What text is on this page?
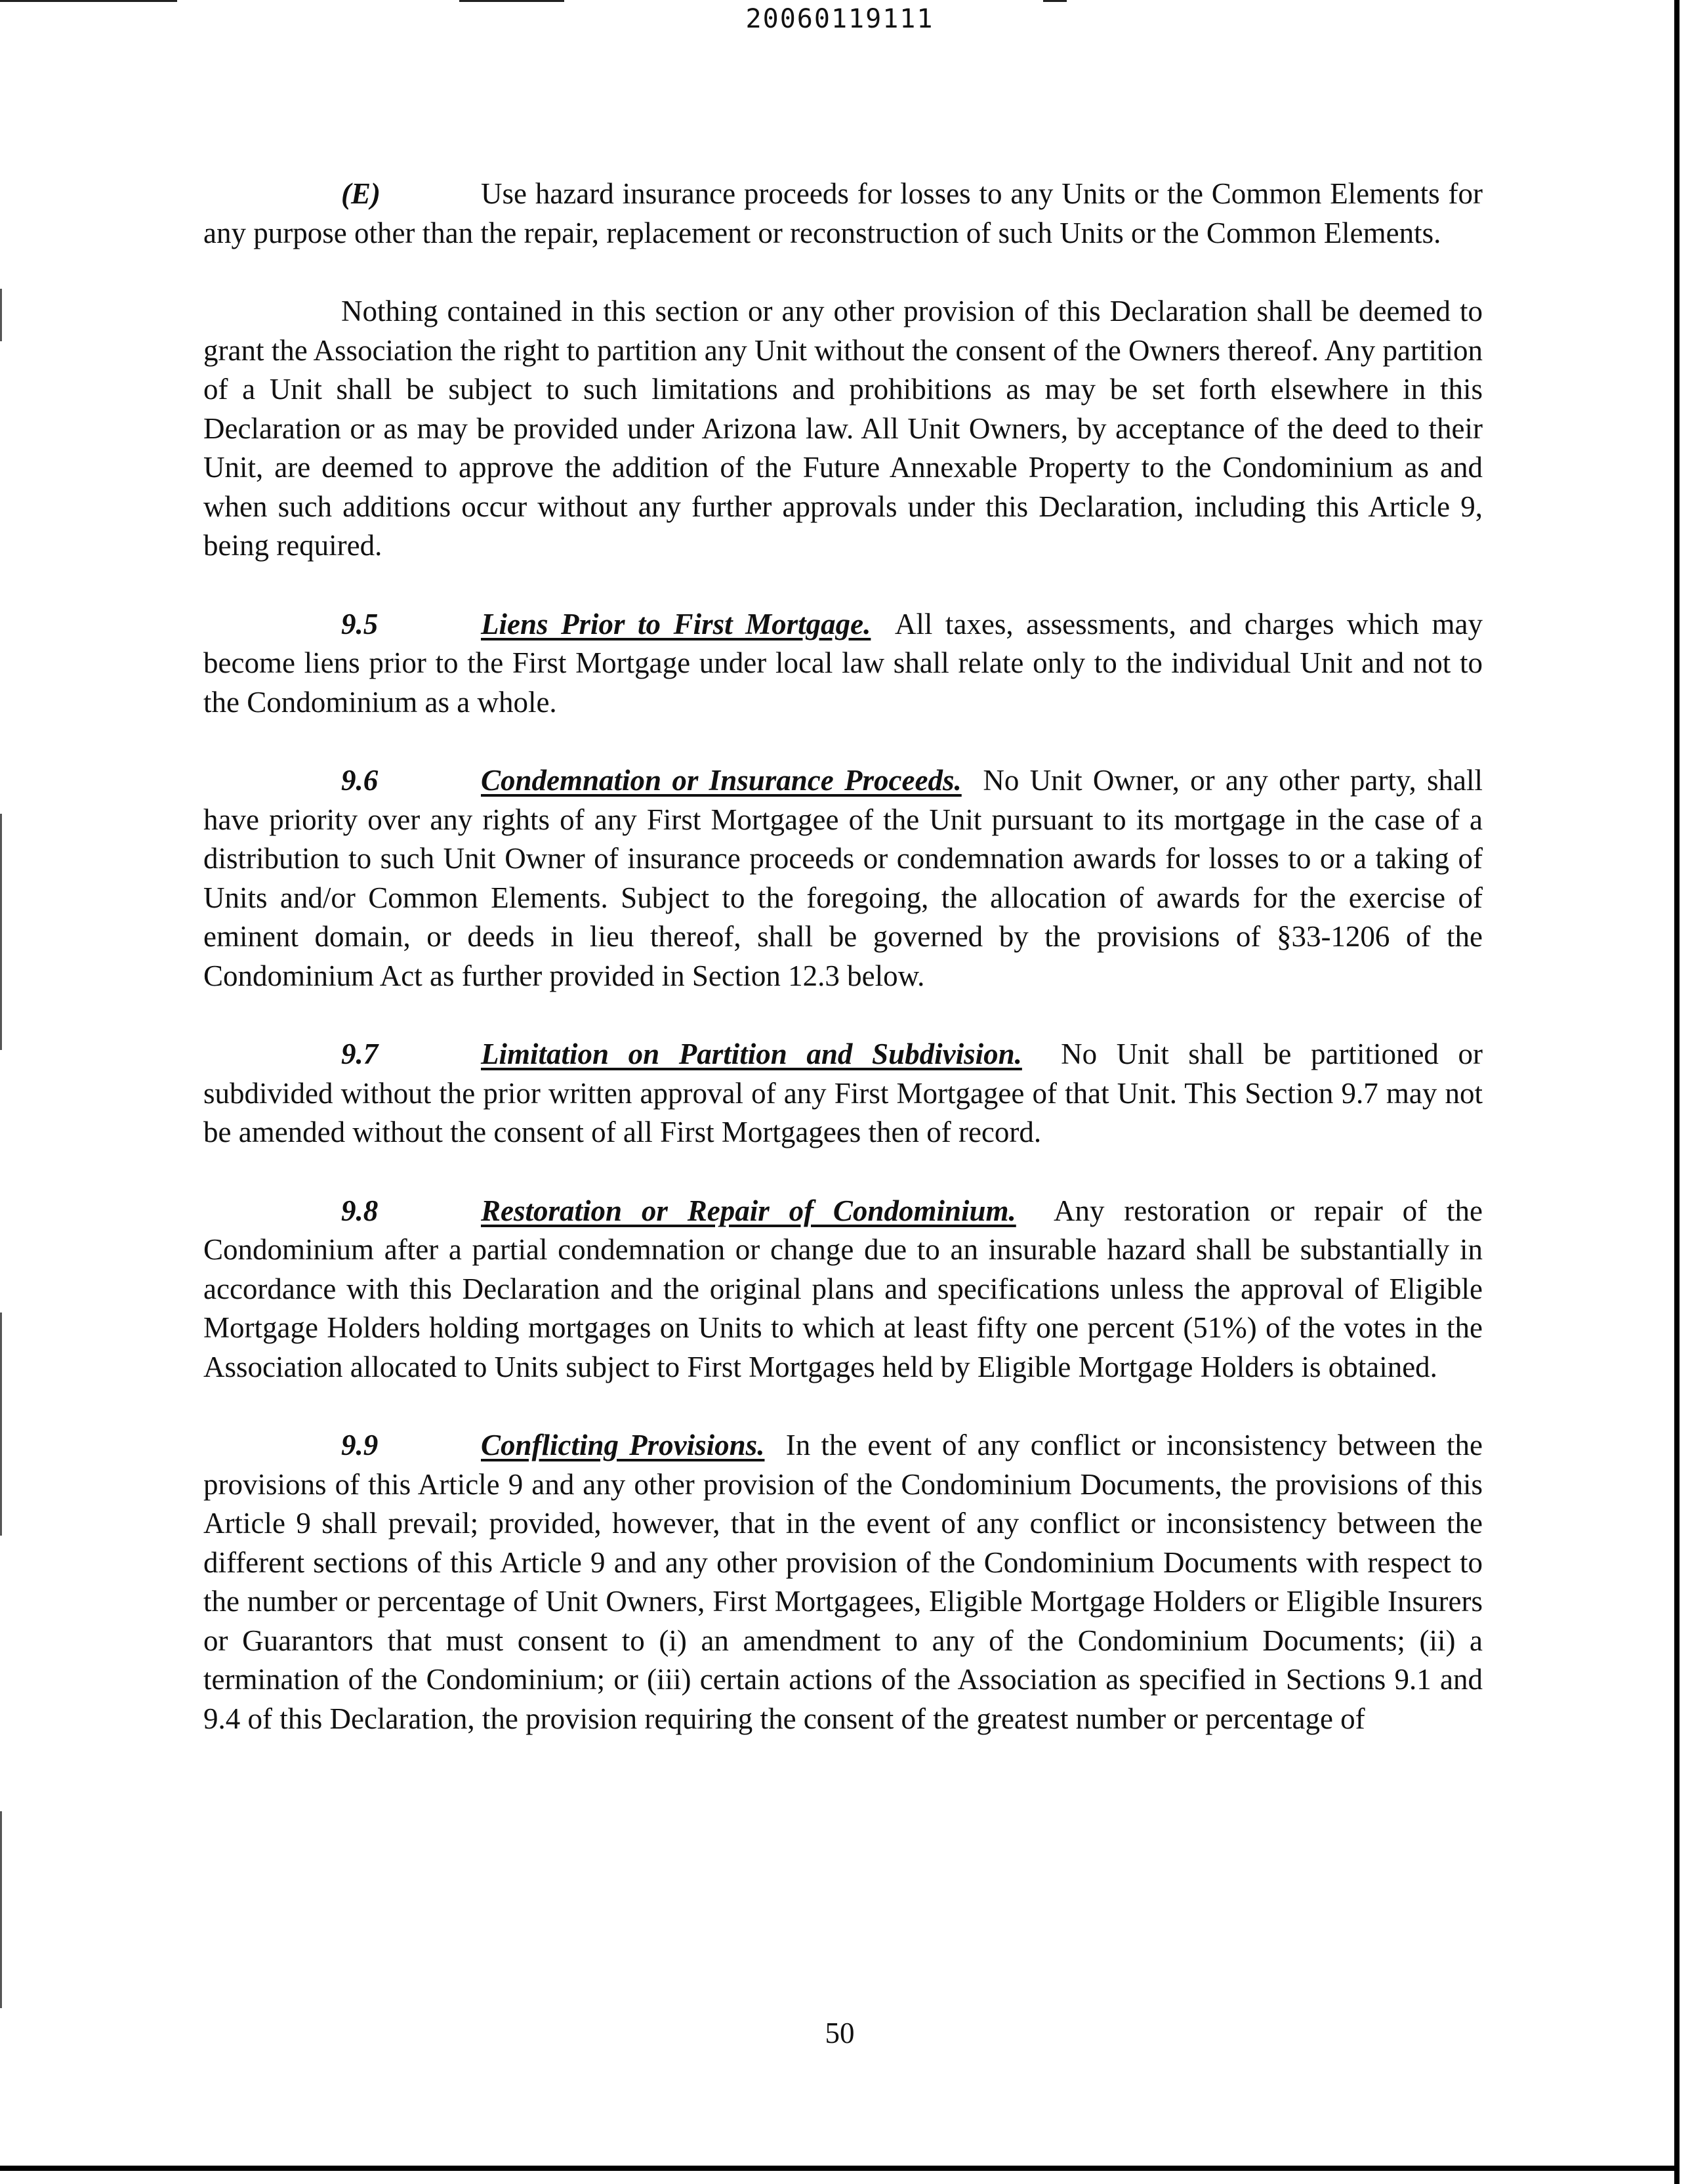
20060119111

(E)	Use hazard insurance proceeds for losses to any Units or the Common Elements for any purpose other than the repair, replacement or reconstruction of such Units or the Common Elements.

Nothing contained in this section or any other provision of this Declaration shall be deemed to grant the Association the right to partition any Unit without the consent of the Owners thereof. Any partition of a Unit shall be subject to such limitations and prohibitions as may be set forth elsewhere in this Declaration or as may be provided under Arizona law. All Unit Owners, by acceptance of the deed to their Unit, are deemed to approve the addition of the Future Annexable Property to the Condominium as and when such additions occur without any further approvals under this Declaration, including this Article 9, being required.

9.5	Liens Prior to First Mortgage. All taxes, assessments, and charges which may become liens prior to the First Mortgage under local law shall relate only to the individual Unit and not to the Condominium as a whole.

9.6	Condemnation or Insurance Proceeds. No Unit Owner, or any other party, shall have priority over any rights of any First Mortgagee of the Unit pursuant to its mortgage in the case of a distribution to such Unit Owner of insurance proceeds or condemnation awards for losses to or a taking of Units and/or Common Elements. Subject to the foregoing, the allocation of awards for the exercise of eminent domain, or deeds in lieu thereof, shall be governed by the provisions of §33-1206 of the Condominium Act as further provided in Section 12.3 below.

9.7	Limitation on Partition and Subdivision. No Unit shall be partitioned or subdivided without the prior written approval of any First Mortgagee of that Unit. This Section 9.7 may not be amended without the consent of all First Mortgagees then of record.

9.8	Restoration or Repair of Condominium. Any restoration or repair of the Condominium after a partial condemnation or change due to an insurable hazard shall be substantially in accordance with this Declaration and the original plans and specifications unless the approval of Eligible Mortgage Holders holding mortgages on Units to which at least fifty one percent (51%) of the votes in the Association allocated to Units subject to First Mortgages held by Eligible Mortgage Holders is obtained.

9.9	Conflicting Provisions. In the event of any conflict or inconsistency between the provisions of this Article 9 and any other provision of the Condominium Documents, the provisions of this Article 9 shall prevail; provided, however, that in the event of any conflict or inconsistency between the different sections of this Article 9 and any other provision of the Condominium Documents with respect to the number or percentage of Unit Owners, First Mortgagees, Eligible Mortgage Holders or Eligible Insurers or Guarantors that must consent to (i) an amendment to any of the Condominium Documents; (ii) a termination of the Condominium; or (iii) certain actions of the Association as specified in Sections 9.1 and 9.4 of this Declaration, the provision requiring the consent of the greatest number or percentage of

50
